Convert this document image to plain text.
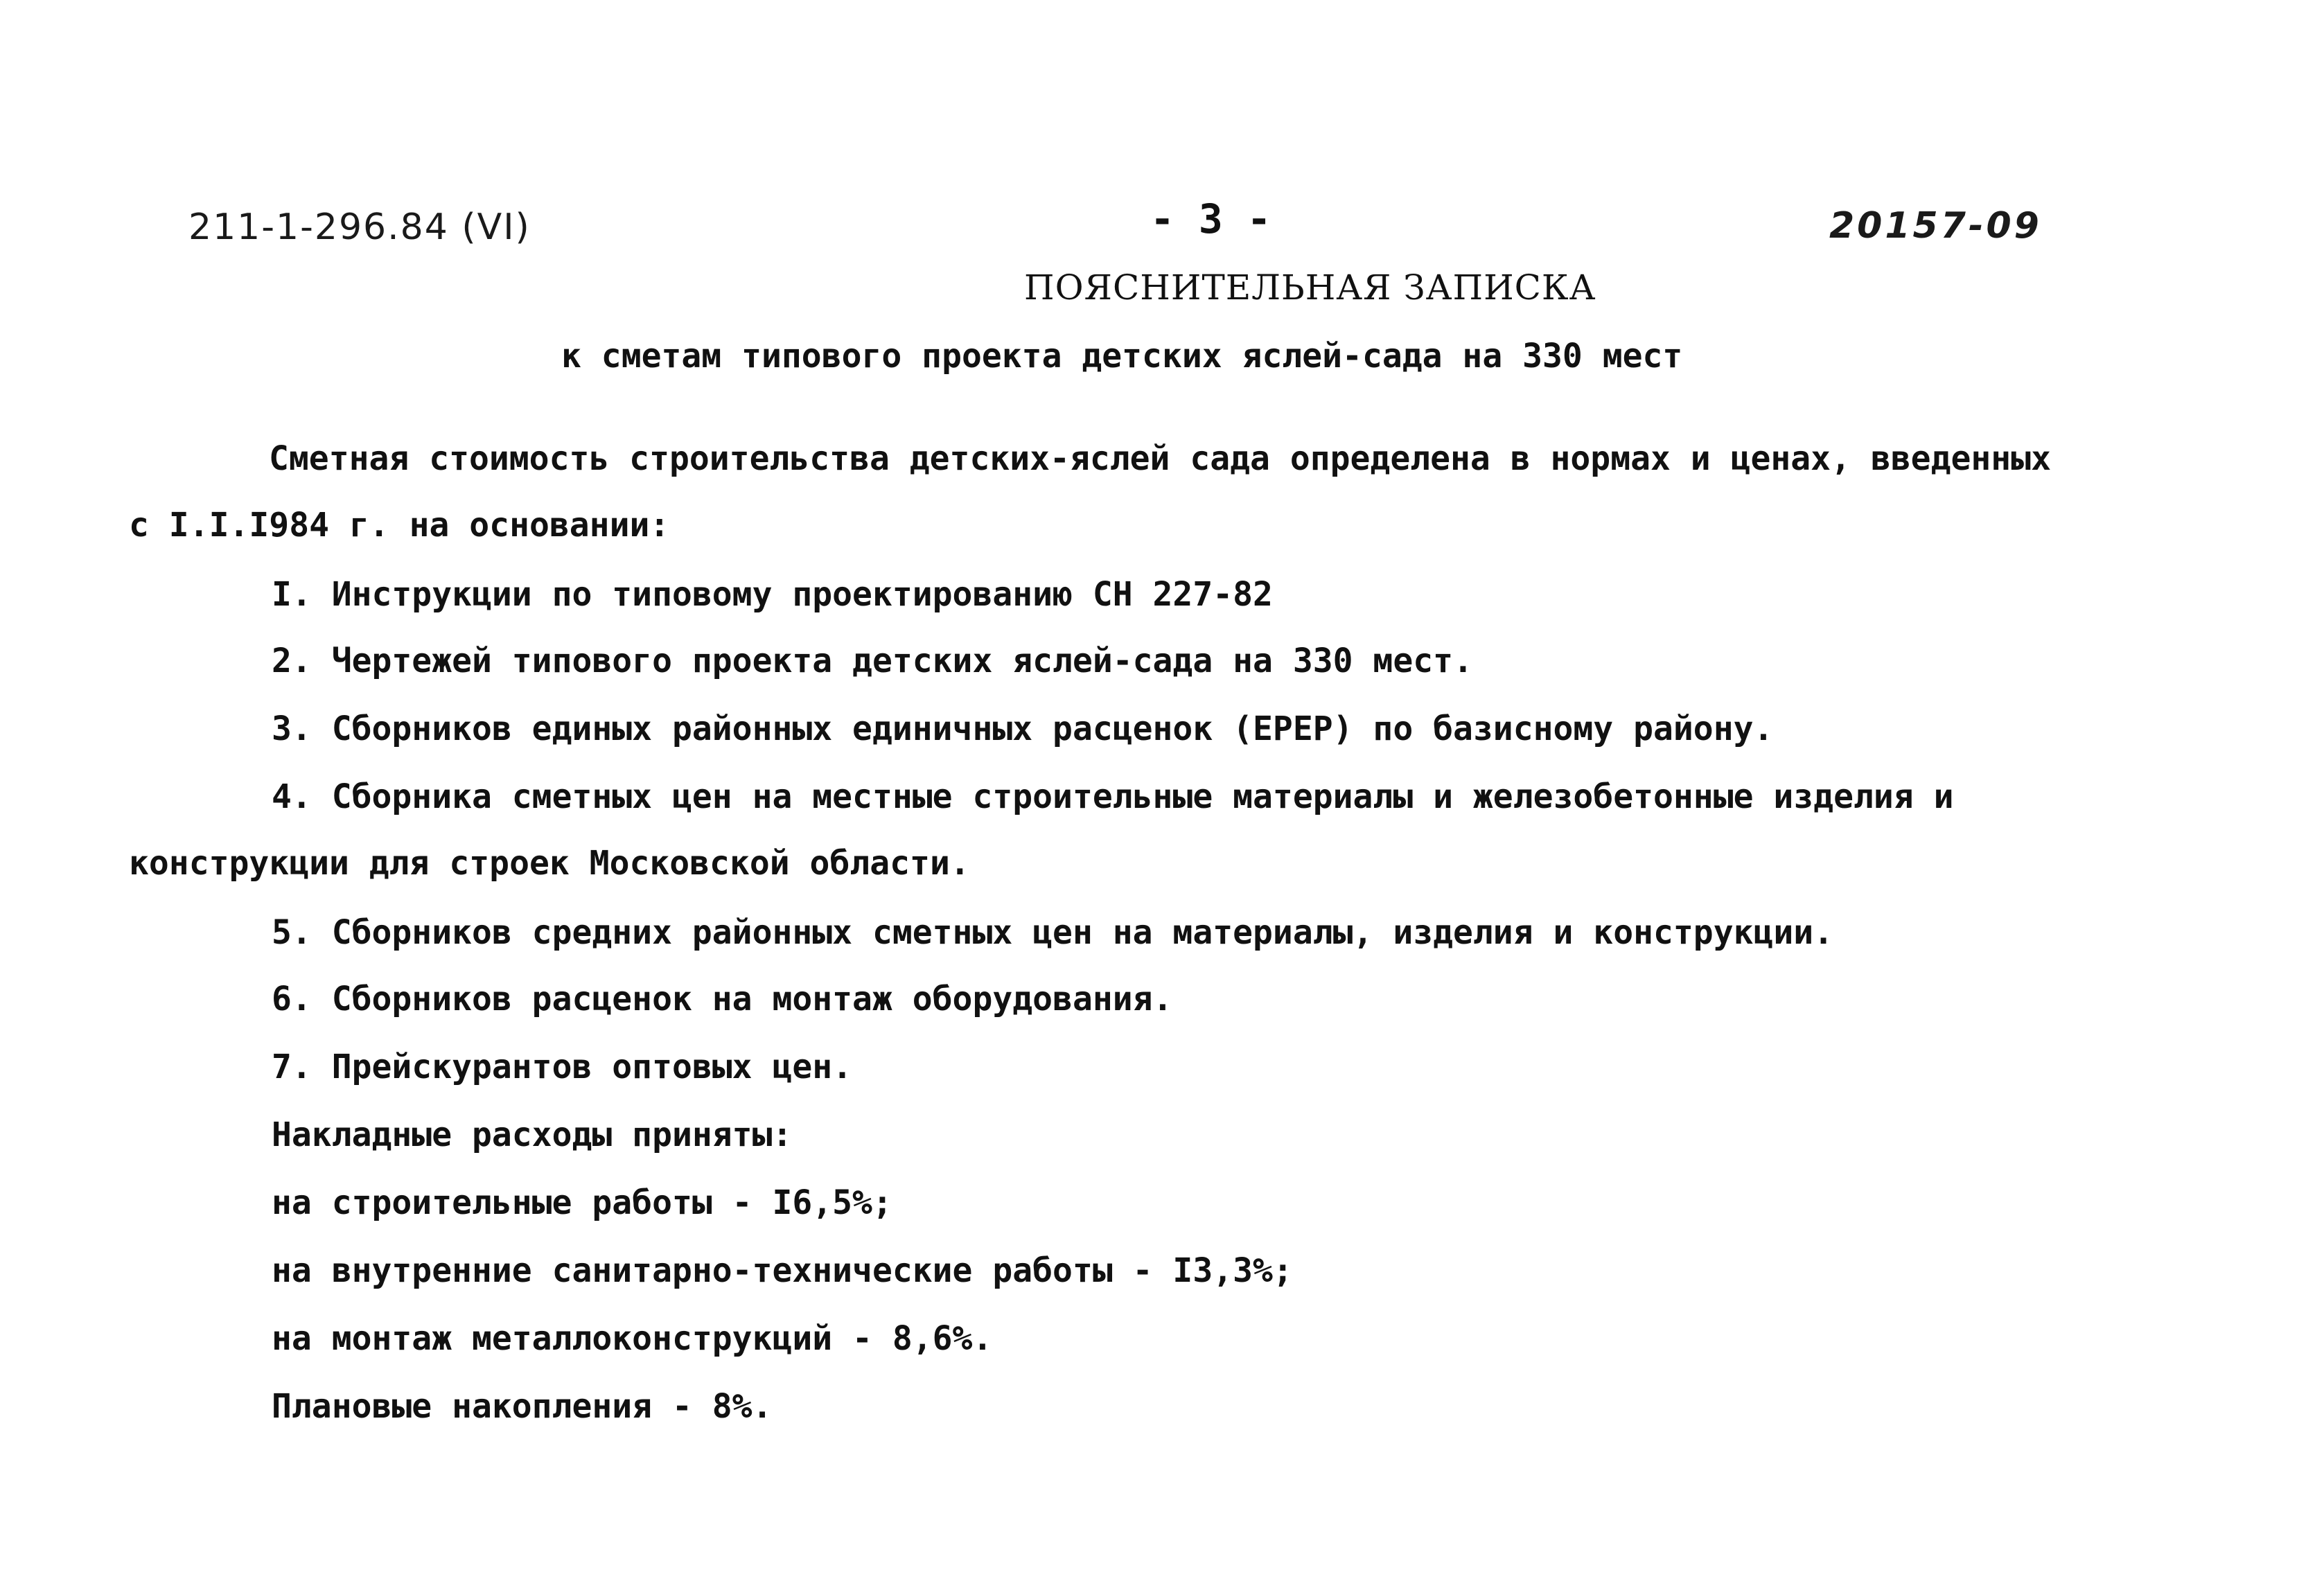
211-1-296.84 (VI)	- 3 -	20157-09
ПОЯСНИТЕЛЬНАЯ ЗАПИСКА
к сметам типового проекта детских яслей-сада на 330 мест
Сметная стоимость строительства детских-яслей сада определена в нормах и ценах, введенных
с I.I.I984 г. на основании:
I. Инструкции по типовому проектированию СН 227-82
2. Чертежей типового проекта детских яслей-сада на 330 мест.
3. Сборников единых районных единичных расценок (ЕРЕР) по базисному району.
4. Сборника сметных цен на местные строительные материалы и железобетонные изделия и
конструкции для строек Московской области.
5. Сборников средних районных сметных цен на материалы, изделия и конструкции.
6. Сборников расценок на монтаж оборудования.
7. Прейскурантов оптовых цен.
Накладные расходы приняты:
на строительные работы - I6,5%;
на внутренние санитарно-технические работы - I3,3%;
на монтаж металлоконструкций - 8,6%.
Плановые накопления - 8%.
